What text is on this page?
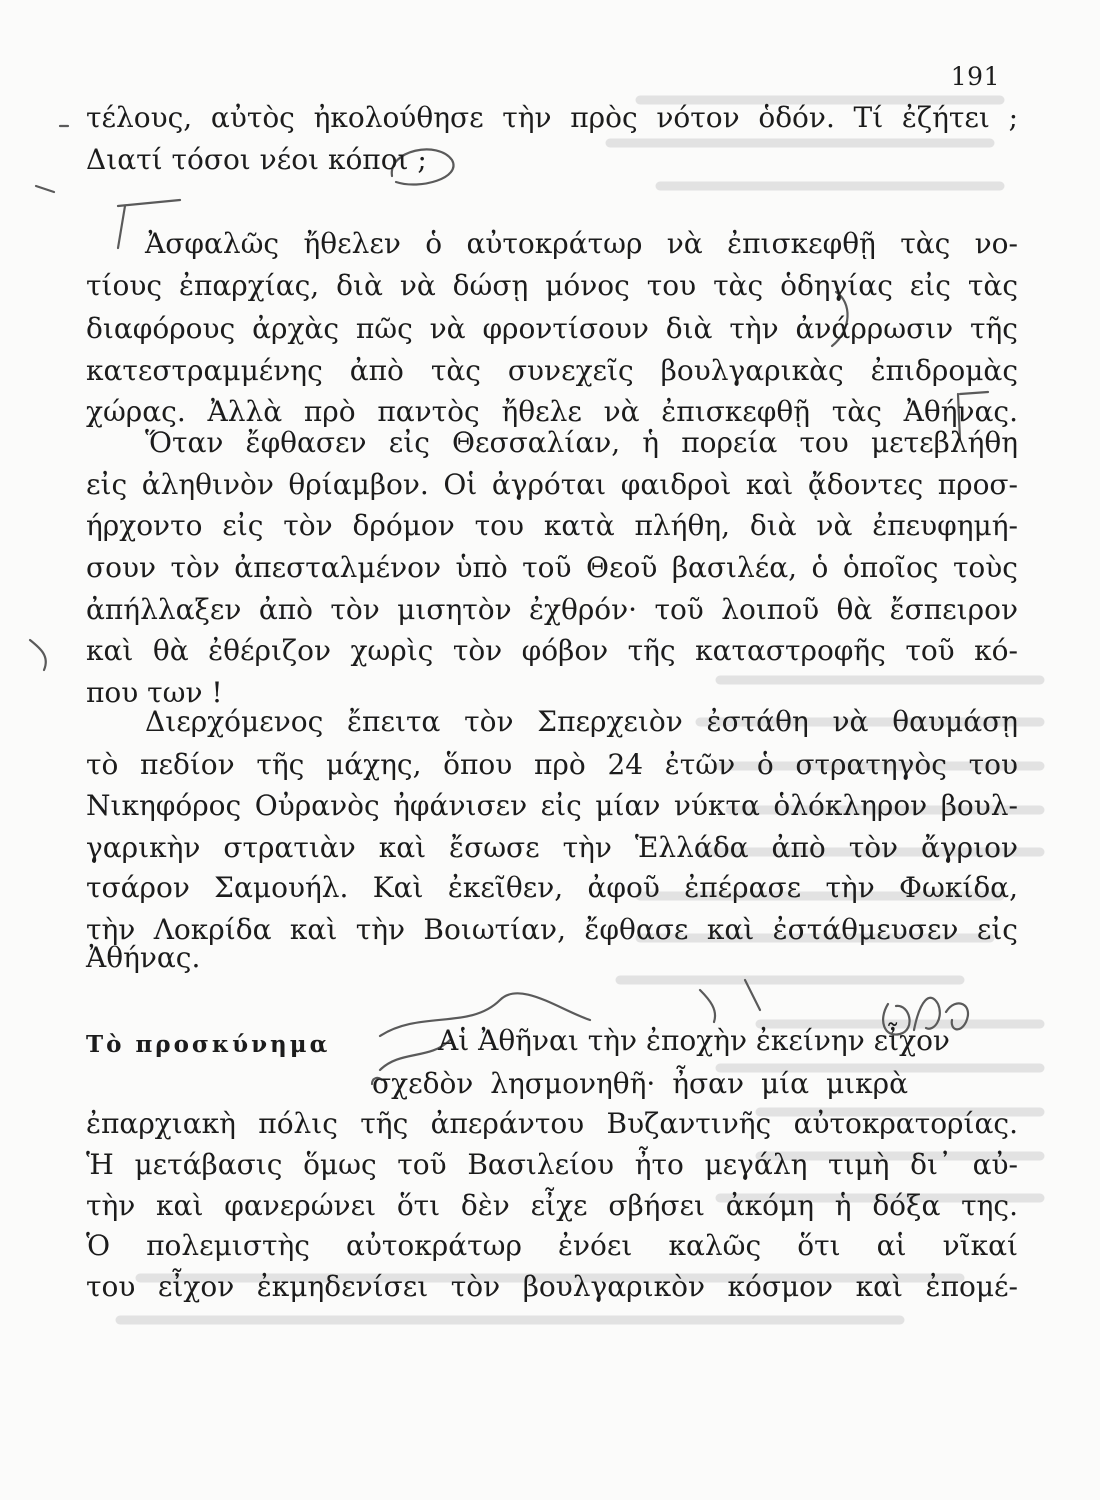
191
τέλους, αὐτὸς ἠκολούθησε τὴν πρὸς νότον ὁδόν. Τί ἐζήτει ;
Διατί τόσοι νέοι κόποι ;
Ἀσφαλῶς ἤθελεν ὁ αὐτοκράτωρ νὰ ἐπισκεφθῇ τὰς νο-
τίους ἐπαρχίας, διὰ νὰ δώσῃ μόνος του τὰς ὁδηγίας εἰς τὰς
διαφόρους ἀρχὰς πῶς νὰ φροντίσουν διὰ τὴν ἀνάρρωσιν τῆς
κατεστραμμένης ἀπὸ τὰς συνεχεῖς βουλγαρικὰς ἐπιδρομὰς
χώρας. Ἀλλὰ πρὸ παντὸς ἤθελε νὰ ἐπισκεφθῇ τὰς Ἀθήνας.
Ὅταν ἔφθασεν εἰς Θεσσαλίαν, ἡ πορεία του μετεβλήθη
εἰς ἀληθινὸν θρίαμβον. Οἱ ἀγρόται φαιδροὶ καὶ ᾄδοντες προσ-
ήρχοντο εἰς τὸν δρόμον του κατὰ πλήθη, διὰ νὰ ἐπευφημή-
σουν τὸν ἀπεσταλμένον ὑπὸ τοῦ Θεοῦ βασιλέα, ὁ ὁποῖος τοὺς
ἀπήλλαξεν ἀπὸ τὸν μισητὸν ἐχθρόν· τοῦ λοιποῦ θὰ ἔσπειρον
καὶ θὰ ἐθέριζον χωρὶς τὸν φόβον τῆς καταστροφῆς τοῦ κό-
που των !
Διερχόμενος ἔπειτα τὸν Σπερχειὸν ἐστάθη νὰ θαυμάσῃ
τὸ πεδίον τῆς μάχης, ὅπου πρὸ 24 ἐτῶν ὁ στρατηγὸς του
Νικηφόρος Οὐρανὸς ἠφάνισεν εἰς μίαν νύκτα ὁλόκληρον βουλ-
γαρικὴν στρατιὰν καὶ ἔσωσε τὴν Ἑλλάδα ἀπὸ τὸν ἄγριον
τσάρον Σαμουήλ. Καὶ ἐκεῖθεν, ἀφοῦ ἐπέρασε τὴν Φωκίδα,
τὴν Λοκρίδα καὶ τὴν Βοιωτίαν, ἔφθασε καὶ ἐστάθμευσεν εἰς
Ἀθήνας.
Τὸ προσκύνημα	Αἱ Ἀθῆναι τὴν ἐποχὴν ἐκείνην εἶχον
σχεδὸν λησμονηθῆ· ἦσαν μία μικρὰ
ἐπαρχιακὴ πόλις τῆς ἀπεράντου Βυζαντινῆς αὐτοκρατορίας.
Ἡ μετάβασις ὅμως τοῦ Βασιλείου ἦτο μεγάλη τιμὴ δι᾽ αὐ-
τὴν καὶ φανερώνει ὅτι δὲν εἶχε σβήσει ἀκόμη ἡ δόξα της.
Ὁ πολεμιστὴς αὐτοκράτωρ ἐνόει καλῶς ὅτι αἱ νῖκαί
του εἶχον ἐκμηδενίσει τὸν βουλγαρικὸν κόσμον καὶ ἐπομέ-
